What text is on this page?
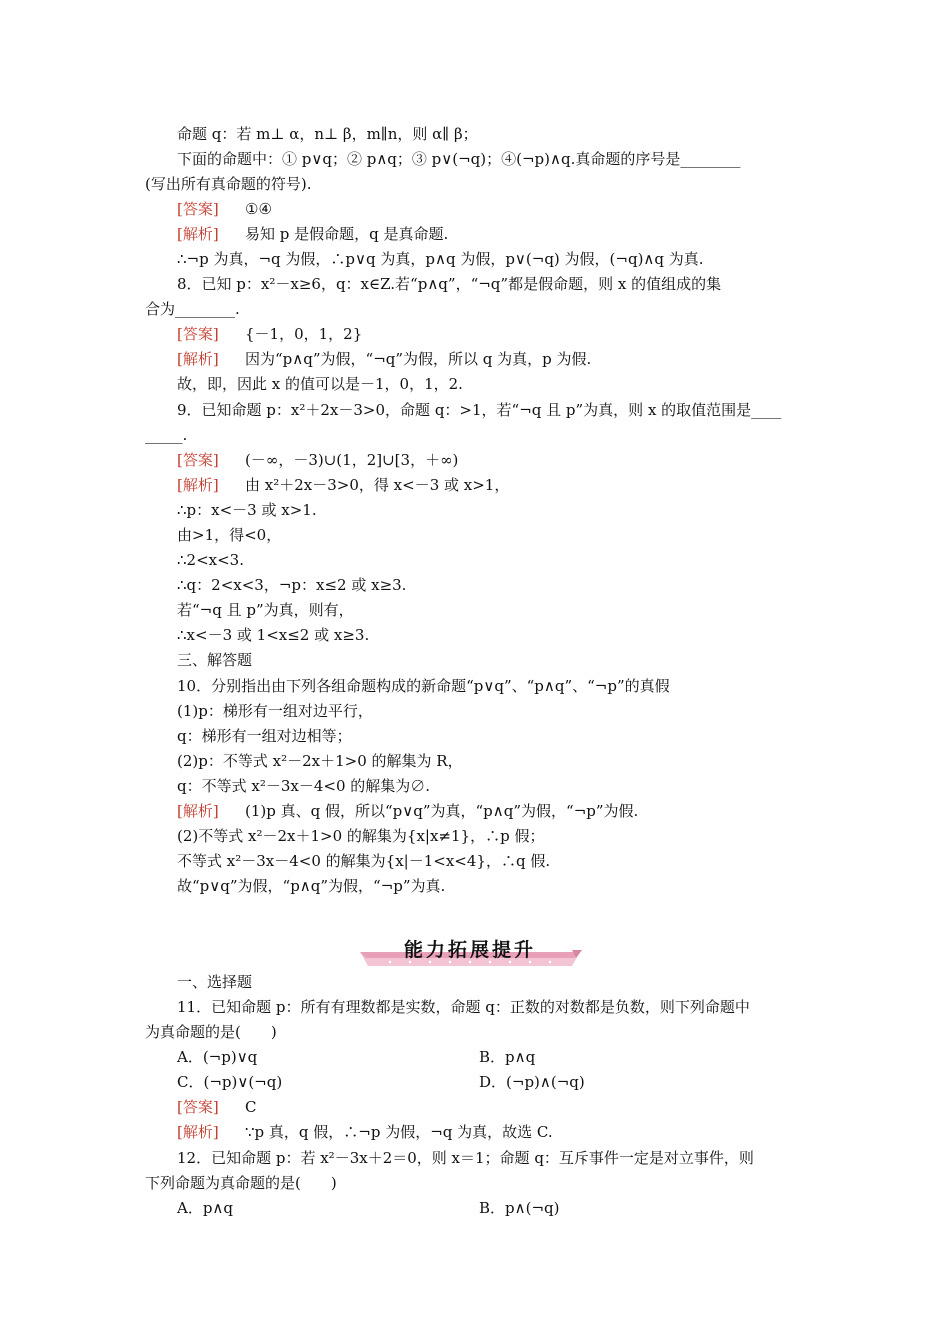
命题 q：若 m⊥ α，n⊥ β，m∥n，则 α∥ β；
下面的命题中：① p∨q；② p∧q；③ p∨(¬q)；④(¬p)∧q.真命题的序号是________
(写出所有真命题的符号).
[答案] ①④
[解析] 易知 p 是假命题，q 是真命题.
∴¬p 为真，¬q 为假，∴p∨q 为真，p∧q 为假，p∨(¬q) 为假，(¬q)∧q 为真.
8．已知 p：x²－x≥6，q：x∈Z.若“p∧q”，“¬q”都是假命题，则 x 的值组成的集
合为________.
[答案] {－1，0，1，2}
[解析] 因为“p∧q”为假，“¬q”为假，所以 q 为真，p 为假.
故，即，因此 x 的值可以是－1，0，1，2.
9．已知命题 p：x²＋2x－3>0，命题 q：>1，若“¬q 且 p”为真，则 x 的取值范围是____
_____.
[答案] (－∞，－3)∪(1，2]∪[3，＋∞)
[解析] 由 x²＋2x－3>0，得 x<－3 或 x>1，
∴p：x<－3 或 x>1.
由>1，得<0，
∴2<x<3.
∴q：2<x<3，¬p：x≤2 或 x≥3.
若“¬q 且 p”为真，则有，
∴x<－3 或 1<x≤2 或 x≥3.
三、解答题
10．分别指出由下列各组命题构成的新命题“p∨q”、“p∧q”、“¬p”的真假
(1)p：梯形有一组对边平行，
q：梯形有一组对边相等；
(2)p：不等式 x²－2x＋1>0 的解集为 R，
q：不等式 x²－3x－4<0 的解集为∅.
[解析] (1)p 真、q 假，所以“p∨q”为真，“p∧q”为假，“¬p”为假.
(2)不等式 x²－2x＋1>0 的解集为{x|x≠1}，∴p 假；
不等式 x²－3x－4<0 的解集为{x|－1<x<4}，∴q 假.
故“p∨q”为假，“p∧q”为假，“¬p”为真.
能力拓展提升
一、选择题
11．已知命题 p：所有有理数都是实数，命题 q：正数的对数都是负数，则下列命题中
为真命题的是(　　)
A．(¬p)∨q	B．p∧q
C．(¬p)∨(¬q)	D．(¬p)∧(¬q)
[答案] C
[解析] ∵p 真，q 假，∴¬p 为假，¬q 为真，故选 C.
12．已知命题 p：若 x²－3x＋2＝0，则 x＝1；命题 q：互斥事件一定是对立事件，则
下列命题为真命题的是(　　)
A．p∧q	B．p∧(¬q)
